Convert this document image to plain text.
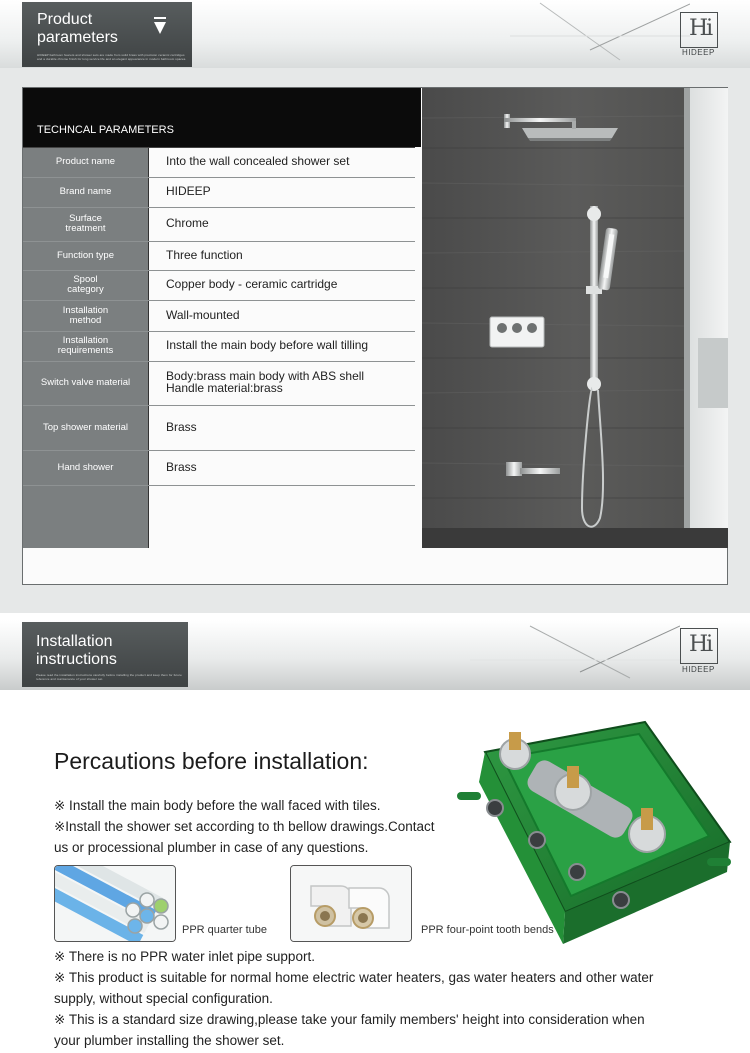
Product
parameters
HIDEEP bathroom faucets and shower sets are made from solid brass with precision ceramic cartridges and a durable chrome finish for long service life and an elegant appearance in modern bathroom spaces.
Hi
HIDEEP
TECHNCAL PARAMETERS
Product name	Into the wall concealed shower set
Brand name	HIDEEP
Surface
treatment	Chrome
Function type	Three function
Spool
category	Copper body - ceramic cartridge
Installation
method	Wall-mounted
Installation
requirements	Install the main body before wall tilling
Switch valve material	Body:brass main body with ABS shell
Handle material:brass
Top shower material	Brass
Hand shower	Brass
Installation
instructions
Please read the installation instructions carefully before installing the product and keep them for future reference and maintenance of your shower set.
Hi
HIDEEP
Percautions before installation:
※ Install the main body before the wall faced with tiles.
※Install the shower set according to th bellow drawings.Contact
us or processional plumber in case of any questions.
PPR quarter tube	PPR four-point tooth bends
※ There is no PPR water inlet pipe support.
※ This product is suitable for normal home electric water heaters, gas water heaters and other water
supply, without special configuration.
※ This is a standard size drawing,please take your family members' height into consideration when
your plumber installing the shower set.
